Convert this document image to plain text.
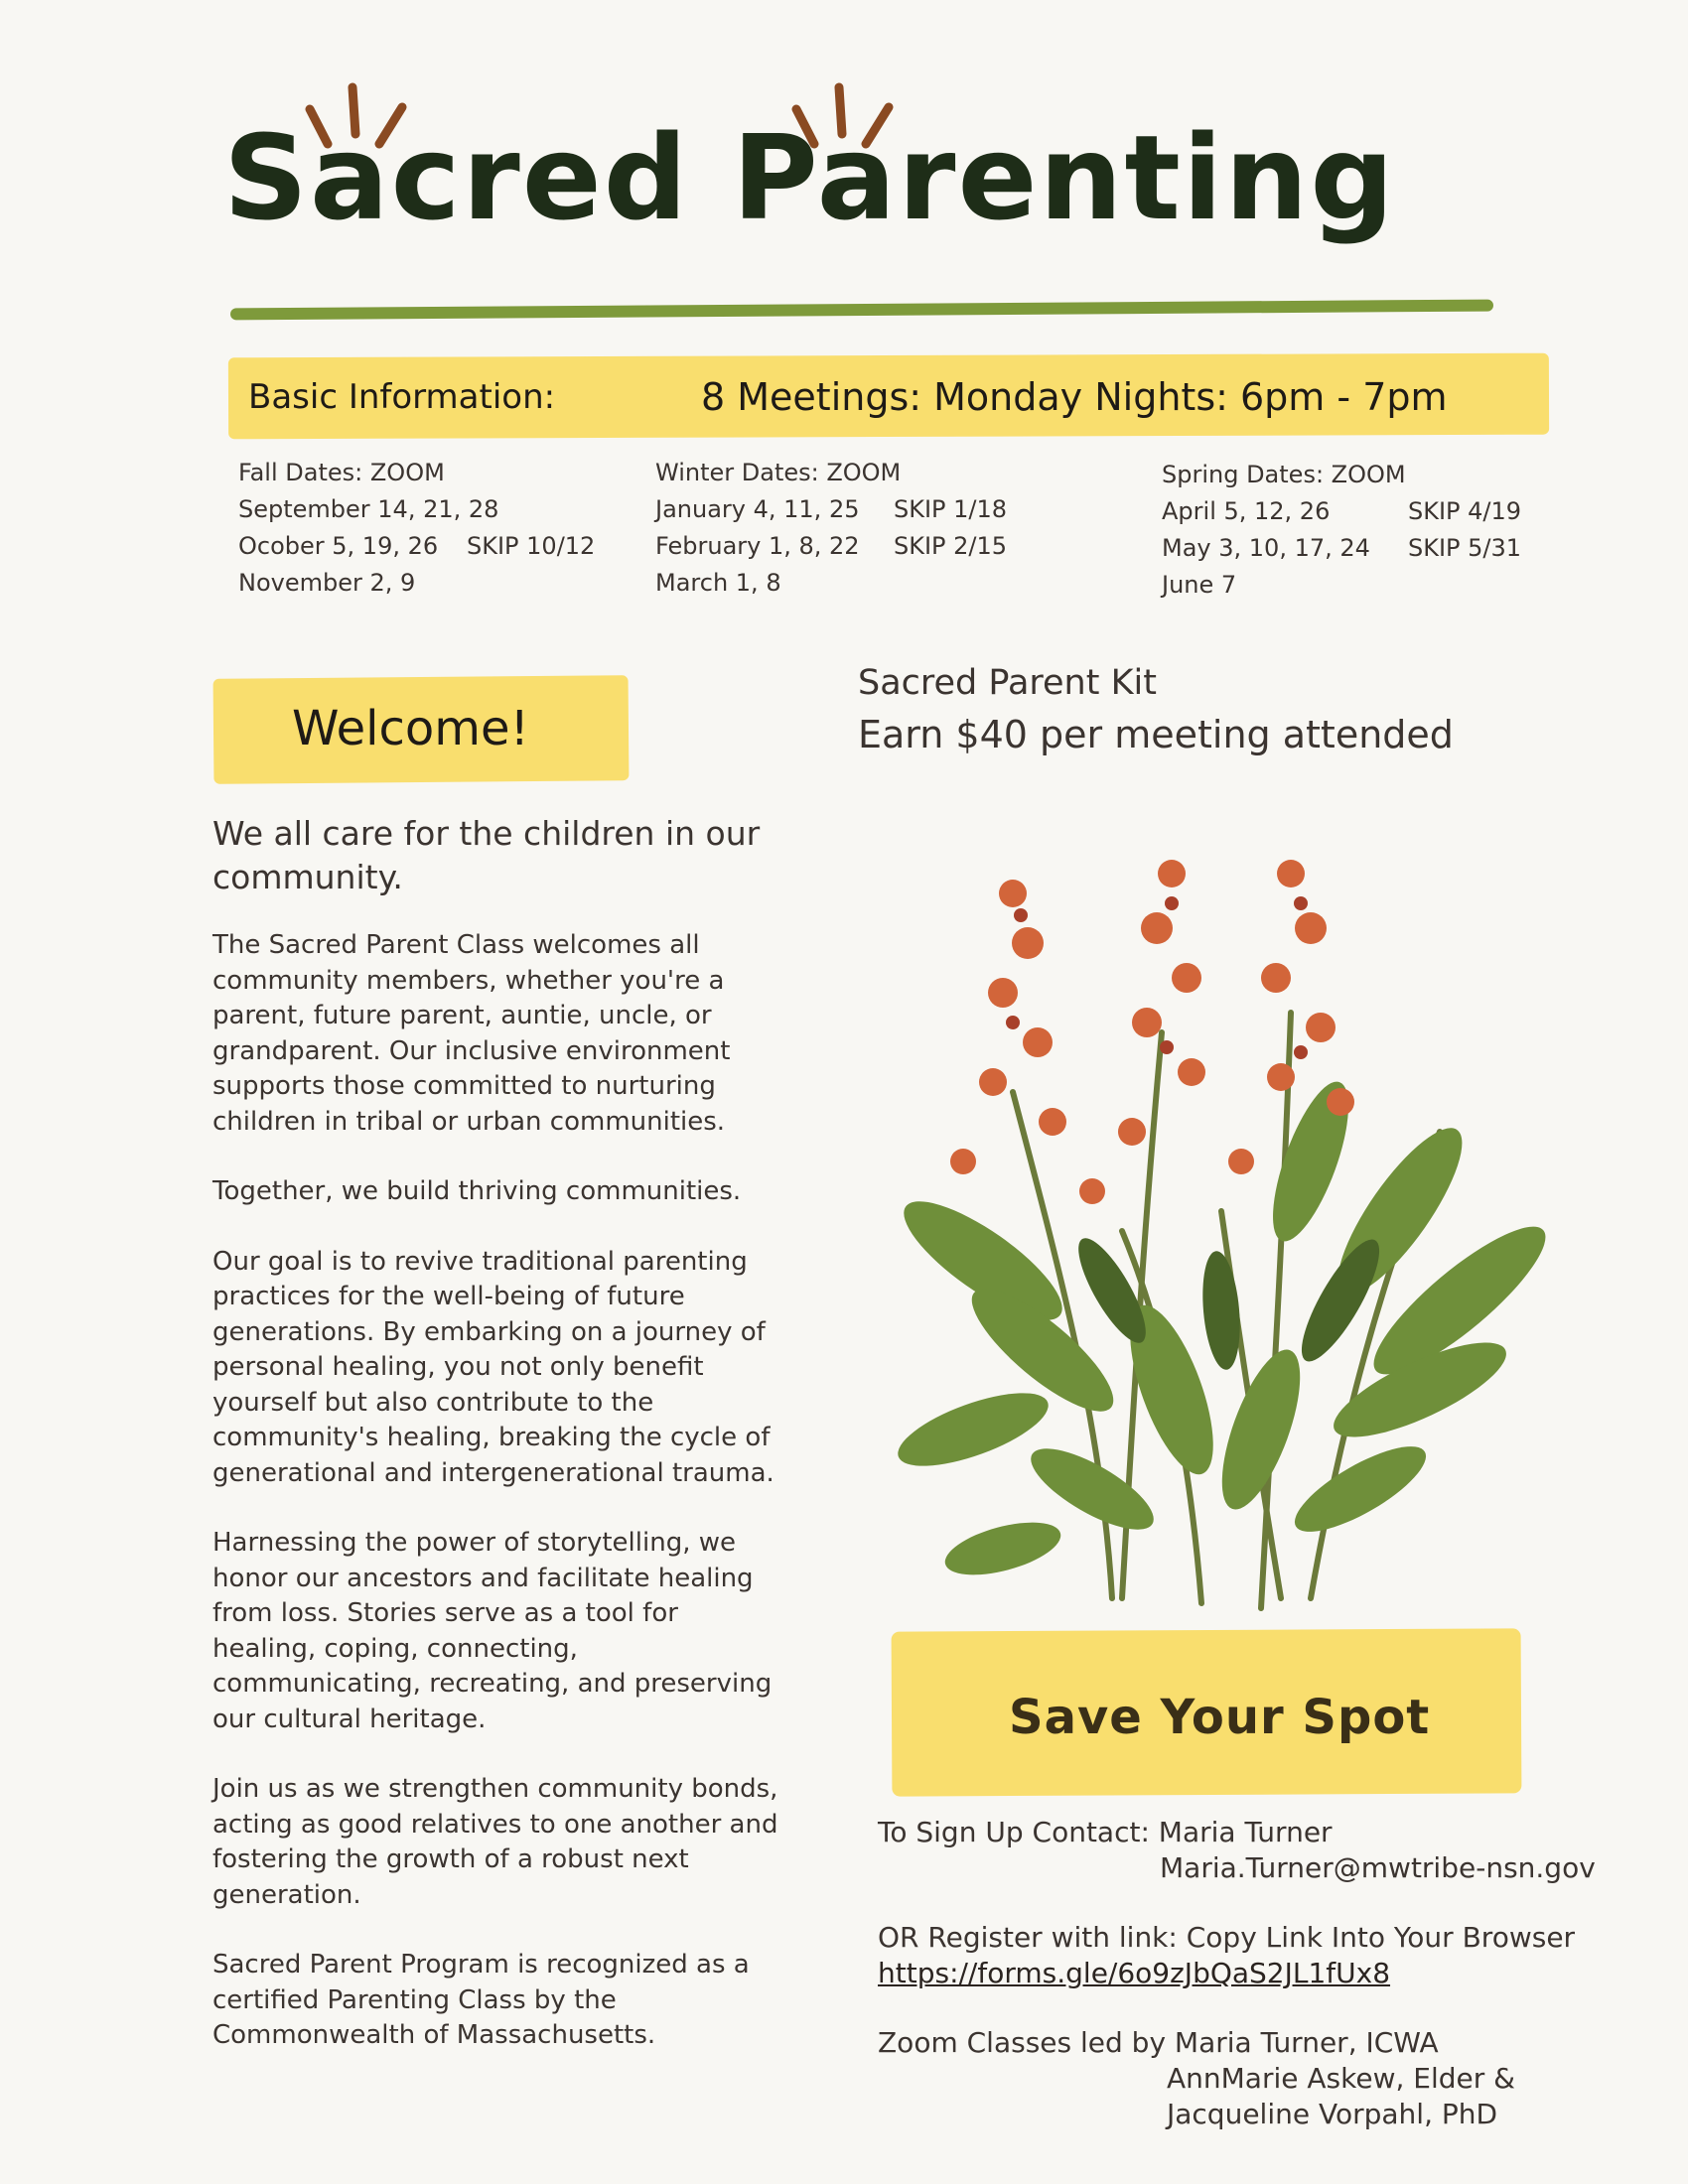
Sacred Parenting
Basic Information:	8 Meetings: Monday Nights: 6pm - 7pm
Fall Dates: ZOOM
September 14, 21, 28
Ocober 5, 19, 26 SKIP 10/12
November 2, 9
Winter Dates: ZOOM
January 4, 11, 25 SKIP 1/18
February 1, 8, 22 SKIP 2/15
March 1, 8
Spring Dates: ZOOM
April 5, 12, 26	SKIP 4/19
May 3, 10, 17, 24 SKIP 5/31
June 7
Welcome!
We all care for the children in our community.

The Sacred Parent Class welcomes all community members, whether you're a parent, future parent, auntie, uncle, or grandparent. Our inclusive environment supports those committed to nurturing children in tribal or urban communities.

Together, we build thriving communities.

Our goal is to revive traditional parenting practices for the well-being of future generations. By embarking on a journey of personal healing, you not only benefit yourself but also contribute to the community's healing, breaking the cycle of generational and intergenerational trauma.

Harnessing the power of storytelling, we honor our ancestors and facilitate healing from loss. Stories serve as a tool for healing, coping, connecting, communicating, recreating, and preserving our cultural heritage.

Join us as we strengthen community bonds, acting as good relatives to one another and fostering the growth of a robust next generation.

Sacred Parent Program is recognized as a certified Parenting Class by the Commonwealth of Massachusetts.

Sacred Parent Kit
Earn $40 per meeting attended
Save Your Spot
To Sign Up Contact: Maria Turner
Maria.Turner@mwtribe-nsn.gov
OR Register with link: Copy Link Into Your Browser
https://forms.gle/6o9zJbQaS2JL1fUx8
Zoom Classes led by Maria Turner, ICWA
AnnMarie Askew, Elder &
Jacqueline Vorpahl, PhD
